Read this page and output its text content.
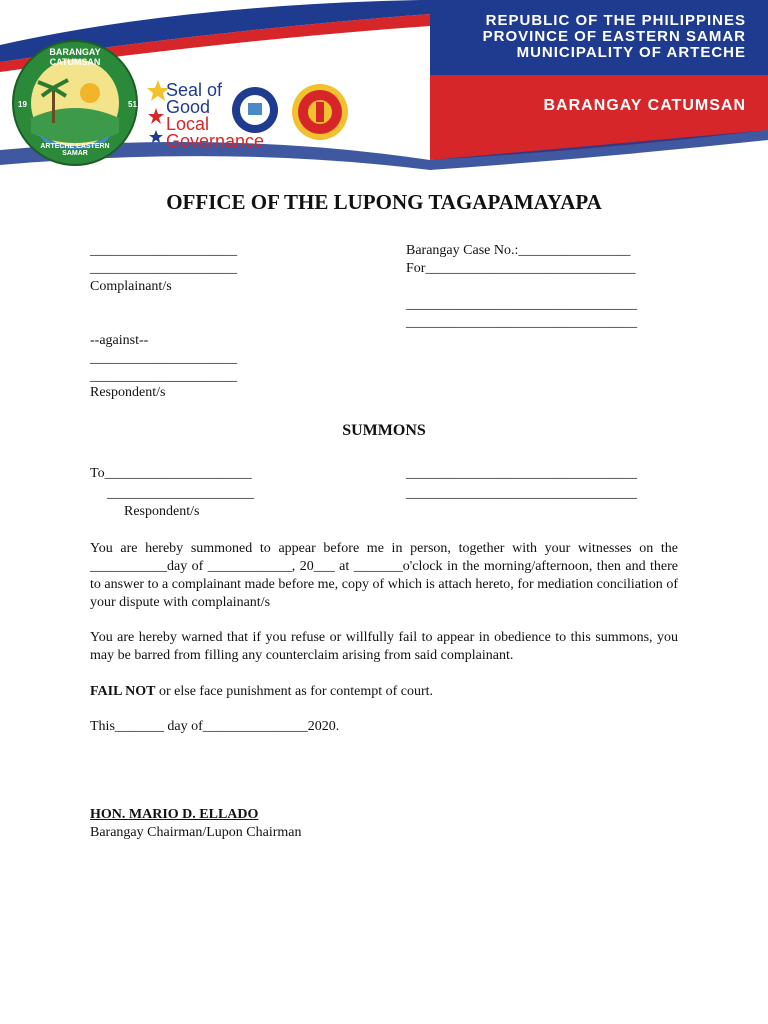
BARANGAY CATUMSAN
ARTECHE EASTERN SAMAR
19	51
Seal of
Good
Local
Governance
REPUBLIC OF THE PHILIPPINES
PROVINCE OF EASTERN SAMAR
MUNICIPALITY OF ARTECHE
BARANGAY CATUMSAN
OFFICE OF THE LUPONG TAGAPAMAYAPA
_____________________
_____________________
Complainant/s
Barangay Case No.:________________
For______________________________
_________________________________
_________________________________
--against--
_____________________
_____________________
Respondent/s
SUMMONS
To_____________________
_____________________
Respondent/s
_________________________________
_________________________________
You are hereby summoned to appear before me in person, together with your witnesses on the ___________day of ____________, 20___ at _______o'clock in the morning/afternoon, then and there to answer to a complainant made before me, copy of which is attach hereto, for mediation conciliation of your dispute with complainant/s
You are hereby warned that if you refuse or willfully fail to appear in obedience to this summons, you may be barred from filling any counterclaim arising from said complainant.
FAIL NOT or else face punishment as for contempt of court.
This_______ day of_______________2020.
HON. MARIO D. ELLADO
Barangay Chairman/Lupon Chairman
